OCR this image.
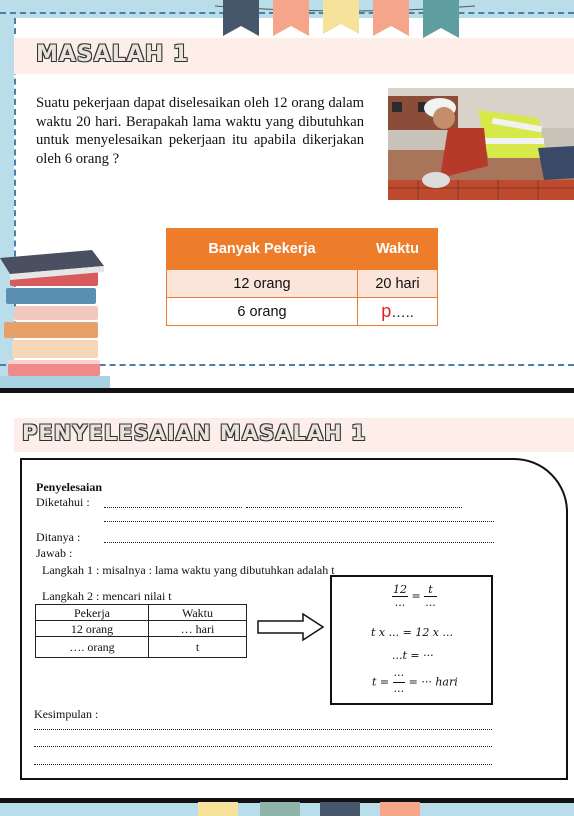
MASALAH 1
Suatu pekerjaan dapat diselesaikan oleh 12 orang dalam waktu 20 hari. Berapakah lama waktu yang dibutuhkan untuk menyelesaikan pekerjaan itu apabila dikerjakan oleh 6 orang ?
Banyak Pekerja	Waktu
12 orang	20 hari
6 orang	p…..
PENYELESAIAN MASALAH 1
Penyelesaian
Diketahui :
Ditanya :
Jawab :
Langkah 1 : misalnya : lama waktu yang dibutuhkan adalah t
Langkah 2 : mencari nilai t
Pekerja	Waktu
12 orang	… hari
…. orang	t
$\frac{12}{...} = \frac{t}{...}$
t x ... = 12 x ...
...t = ···
$t = \frac{\cdot\cdot\cdot}{...}$ = ··· hari
Kesimpulan :
